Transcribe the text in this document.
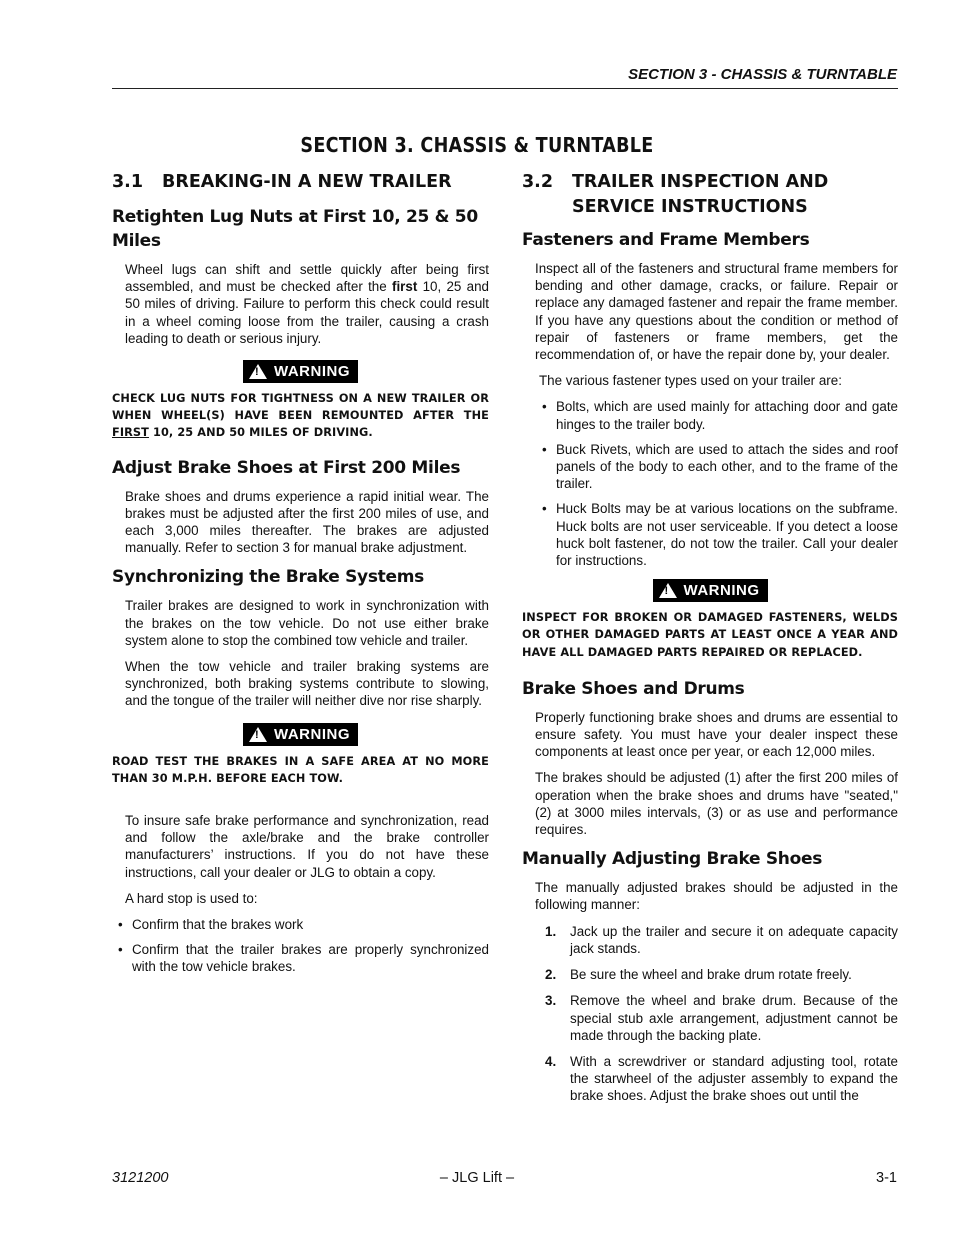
SECTION 3 - CHASSIS & TURNTABLE
SECTION 3. CHASSIS & TURNTABLE
3.1	BREAKING-IN A NEW TRAILER
Retighten Lug Nuts at First 10, 25 & 50 Miles
Wheel lugs can shift and settle quickly after being first assembled, and must be checked after the first 10, 25 and 50 miles of driving. Failure to perform this check could result in a wheel coming loose from the trailer, causing a crash leading to death or serious injury.
! WARNING
CHECK LUG NUTS FOR TIGHTNESS ON A NEW TRAILER OR WHEN WHEEL(S) HAVE BEEN REMOUNTED AFTER THE FIRST 10, 25 AND 50 MILES OF DRIVING.
Adjust Brake Shoes at First 200 Miles
Brake shoes and drums experience a rapid initial wear. The brakes must be adjusted after the first 200 miles of use, and each 3,000 miles thereafter. The brakes are adjusted manually. Refer to section 3 for manual brake adjustment.
Synchronizing the Brake Systems
Trailer brakes are designed to work in synchronization with the brakes on the tow vehicle. Do not use either brake system alone to stop the combined tow vehicle and trailer.
When the tow vehicle and trailer braking systems are synchronized, both braking systems contribute to slowing, and the tongue of the trailer will neither dive nor rise sharply.
! WARNING
ROAD TEST THE BRAKES IN A SAFE AREA AT NO MORE THAN 30 M.P.H. BEFORE EACH TOW.
To insure safe brake performance and synchronization, read and follow the axle/brake and the brake controller manufacturers’ instructions. If you do not have these instructions, call your dealer or JLG to obtain a copy.
A hard stop is used to:
• Confirm that the brakes work
• Confirm that the trailer brakes are properly synchronized with the tow vehicle brakes.
3.2	TRAILER INSPECTION AND SERVICE INSTRUCTIONS
Fasteners and Frame Members
Inspect all of the fasteners and structural frame members for bending and other damage, cracks, or failure. Repair or replace any damaged fastener and repair the frame member. If you have any questions about the condition or method of repair of fasteners or frame members, get the recommendation of, or have the repair done by, your dealer.
The various fastener types used on your trailer are:
• Bolts, which are used mainly for attaching door and gate hinges to the trailer body.
• Buck Rivets, which are used to attach the sides and roof panels of the body to each other, and to the frame of the trailer.
• Huck Bolts may be at various locations on the subframe. Huck bolts are not user serviceable. If you detect a loose huck bolt fastener, do not tow the trailer. Call your dealer for instructions.
! WARNING
INSPECT FOR BROKEN OR DAMAGED FASTENERS, WELDS OR OTHER DAMAGED PARTS AT LEAST ONCE A YEAR AND HAVE ALL DAMAGED PARTS REPAIRED OR REPLACED.
Brake Shoes and Drums
Properly functioning brake shoes and drums are essential to ensure safety. You must have your dealer inspect these components at least once per year, or each 12,000 miles.
The brakes should be adjusted (1) after the first 200 miles of operation when the brake shoes and drums have "seated," (2) at 3000 miles intervals, (3) or as use and performance requires.
Manually Adjusting Brake Shoes
The manually adjusted brakes should be adjusted in the following manner:
1. Jack up the trailer and secure it on adequate capacity jack stands.
2. Be sure the wheel and brake drum rotate freely.
3. Remove the wheel and brake drum. Because of the special stub axle arrangement, adjustment cannot be made through the backing plate.
4. With a screwdriver or standard adjusting tool, rotate the starwheel of the adjuster assembly to expand the brake shoes. Adjust the brake shoes out until the
3121200	– JLG Lift –	3-1
